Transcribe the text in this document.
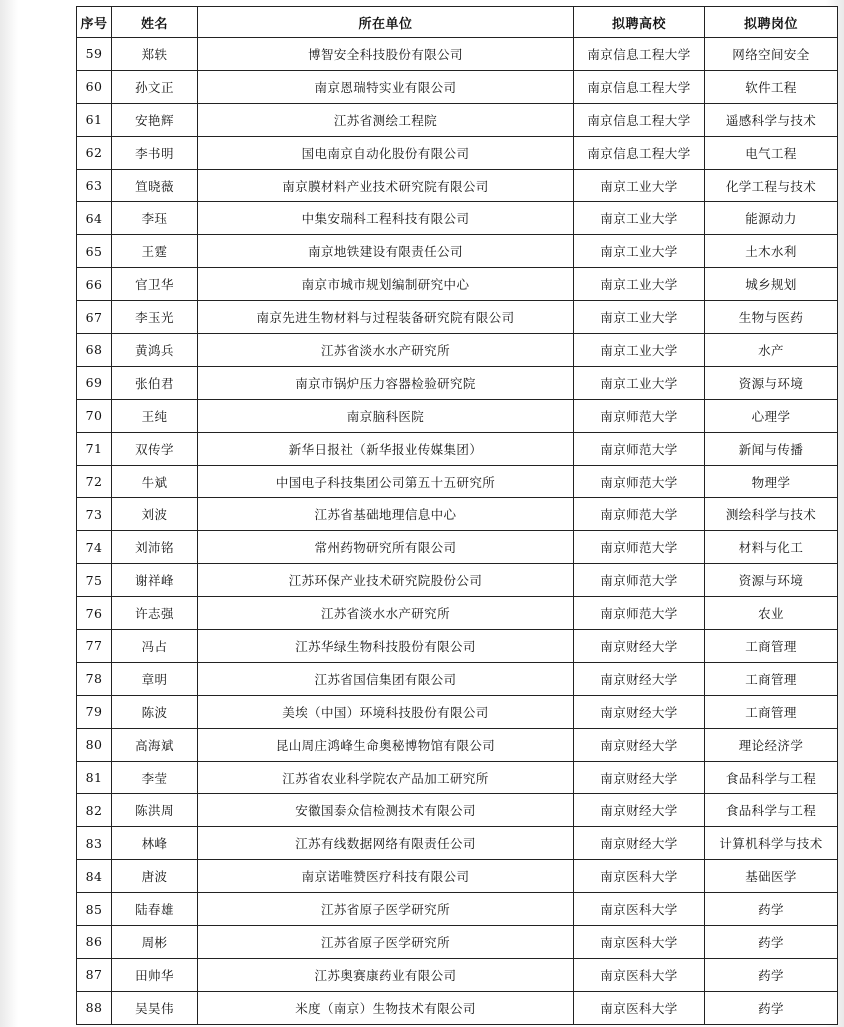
序号	姓名	所在单位	拟聘高校	拟聘岗位
59	郑轶	博智安全科技股份有限公司	南京信息工程大学	网络空间安全
60	孙文正	南京恩瑞特实业有限公司	南京信息工程大学	软件工程
61	安艳辉	江苏省测绘工程院	南京信息工程大学	遥感科学与技术
62	李书明	国电南京自动化股份有限公司	南京信息工程大学	电气工程
63	笪晓薇	南京膜材料产业技术研究院有限公司	南京工业大学	化学工程与技术
64	李珏	中集安瑞科工程科技有限公司	南京工业大学	能源动力
65	王霆	南京地铁建设有限责任公司	南京工业大学	土木水利
66	官卫华	南京市城市规划编制研究中心	南京工业大学	城乡规划
67	李玉光	南京先进生物材料与过程装备研究院有限公司	南京工业大学	生物与医药
68	黄鸿兵	江苏省淡水水产研究所	南京工业大学	水产
69	张伯君	南京市锅炉压力容器检验研究院	南京工业大学	资源与环境
70	王纯	南京脑科医院	南京师范大学	心理学
71	双传学	新华日报社（新华报业传媒集团）	南京师范大学	新闻与传播
72	牛斌	中国电子科技集团公司第五十五研究所	南京师范大学	物理学
73	刘波	江苏省基础地理信息中心	南京师范大学	测绘科学与技术
74	刘沛铭	常州药物研究所有限公司	南京师范大学	材料与化工
75	谢祥峰	江苏环保产业技术研究院股份公司	南京师范大学	资源与环境
76	许志强	江苏省淡水水产研究所	南京师范大学	农业
77	冯占	江苏华绿生物科技股份有限公司	南京财经大学	工商管理
78	章明	江苏省国信集团有限公司	南京财经大学	工商管理
79	陈波	美埃（中国）环境科技股份有限公司	南京财经大学	工商管理
80	高海斌	昆山周庄鸿峰生命奥秘博物馆有限公司	南京财经大学	理论经济学
81	李莹	江苏省农业科学院农产品加工研究所	南京财经大学	食品科学与工程
82	陈洪周	安徽国泰众信检测技术有限公司	南京财经大学	食品科学与工程
83	林峰	江苏有线数据网络有限责任公司	南京财经大学	计算机科学与技术
84	唐波	南京诺唯赞医疗科技有限公司	南京医科大学	基础医学
85	陆春雄	江苏省原子医学研究所	南京医科大学	药学
86	周彬	江苏省原子医学研究所	南京医科大学	药学
87	田帅华	江苏奥赛康药业有限公司	南京医科大学	药学
88	吴昊伟	米度（南京）生物技术有限公司	南京医科大学	药学
